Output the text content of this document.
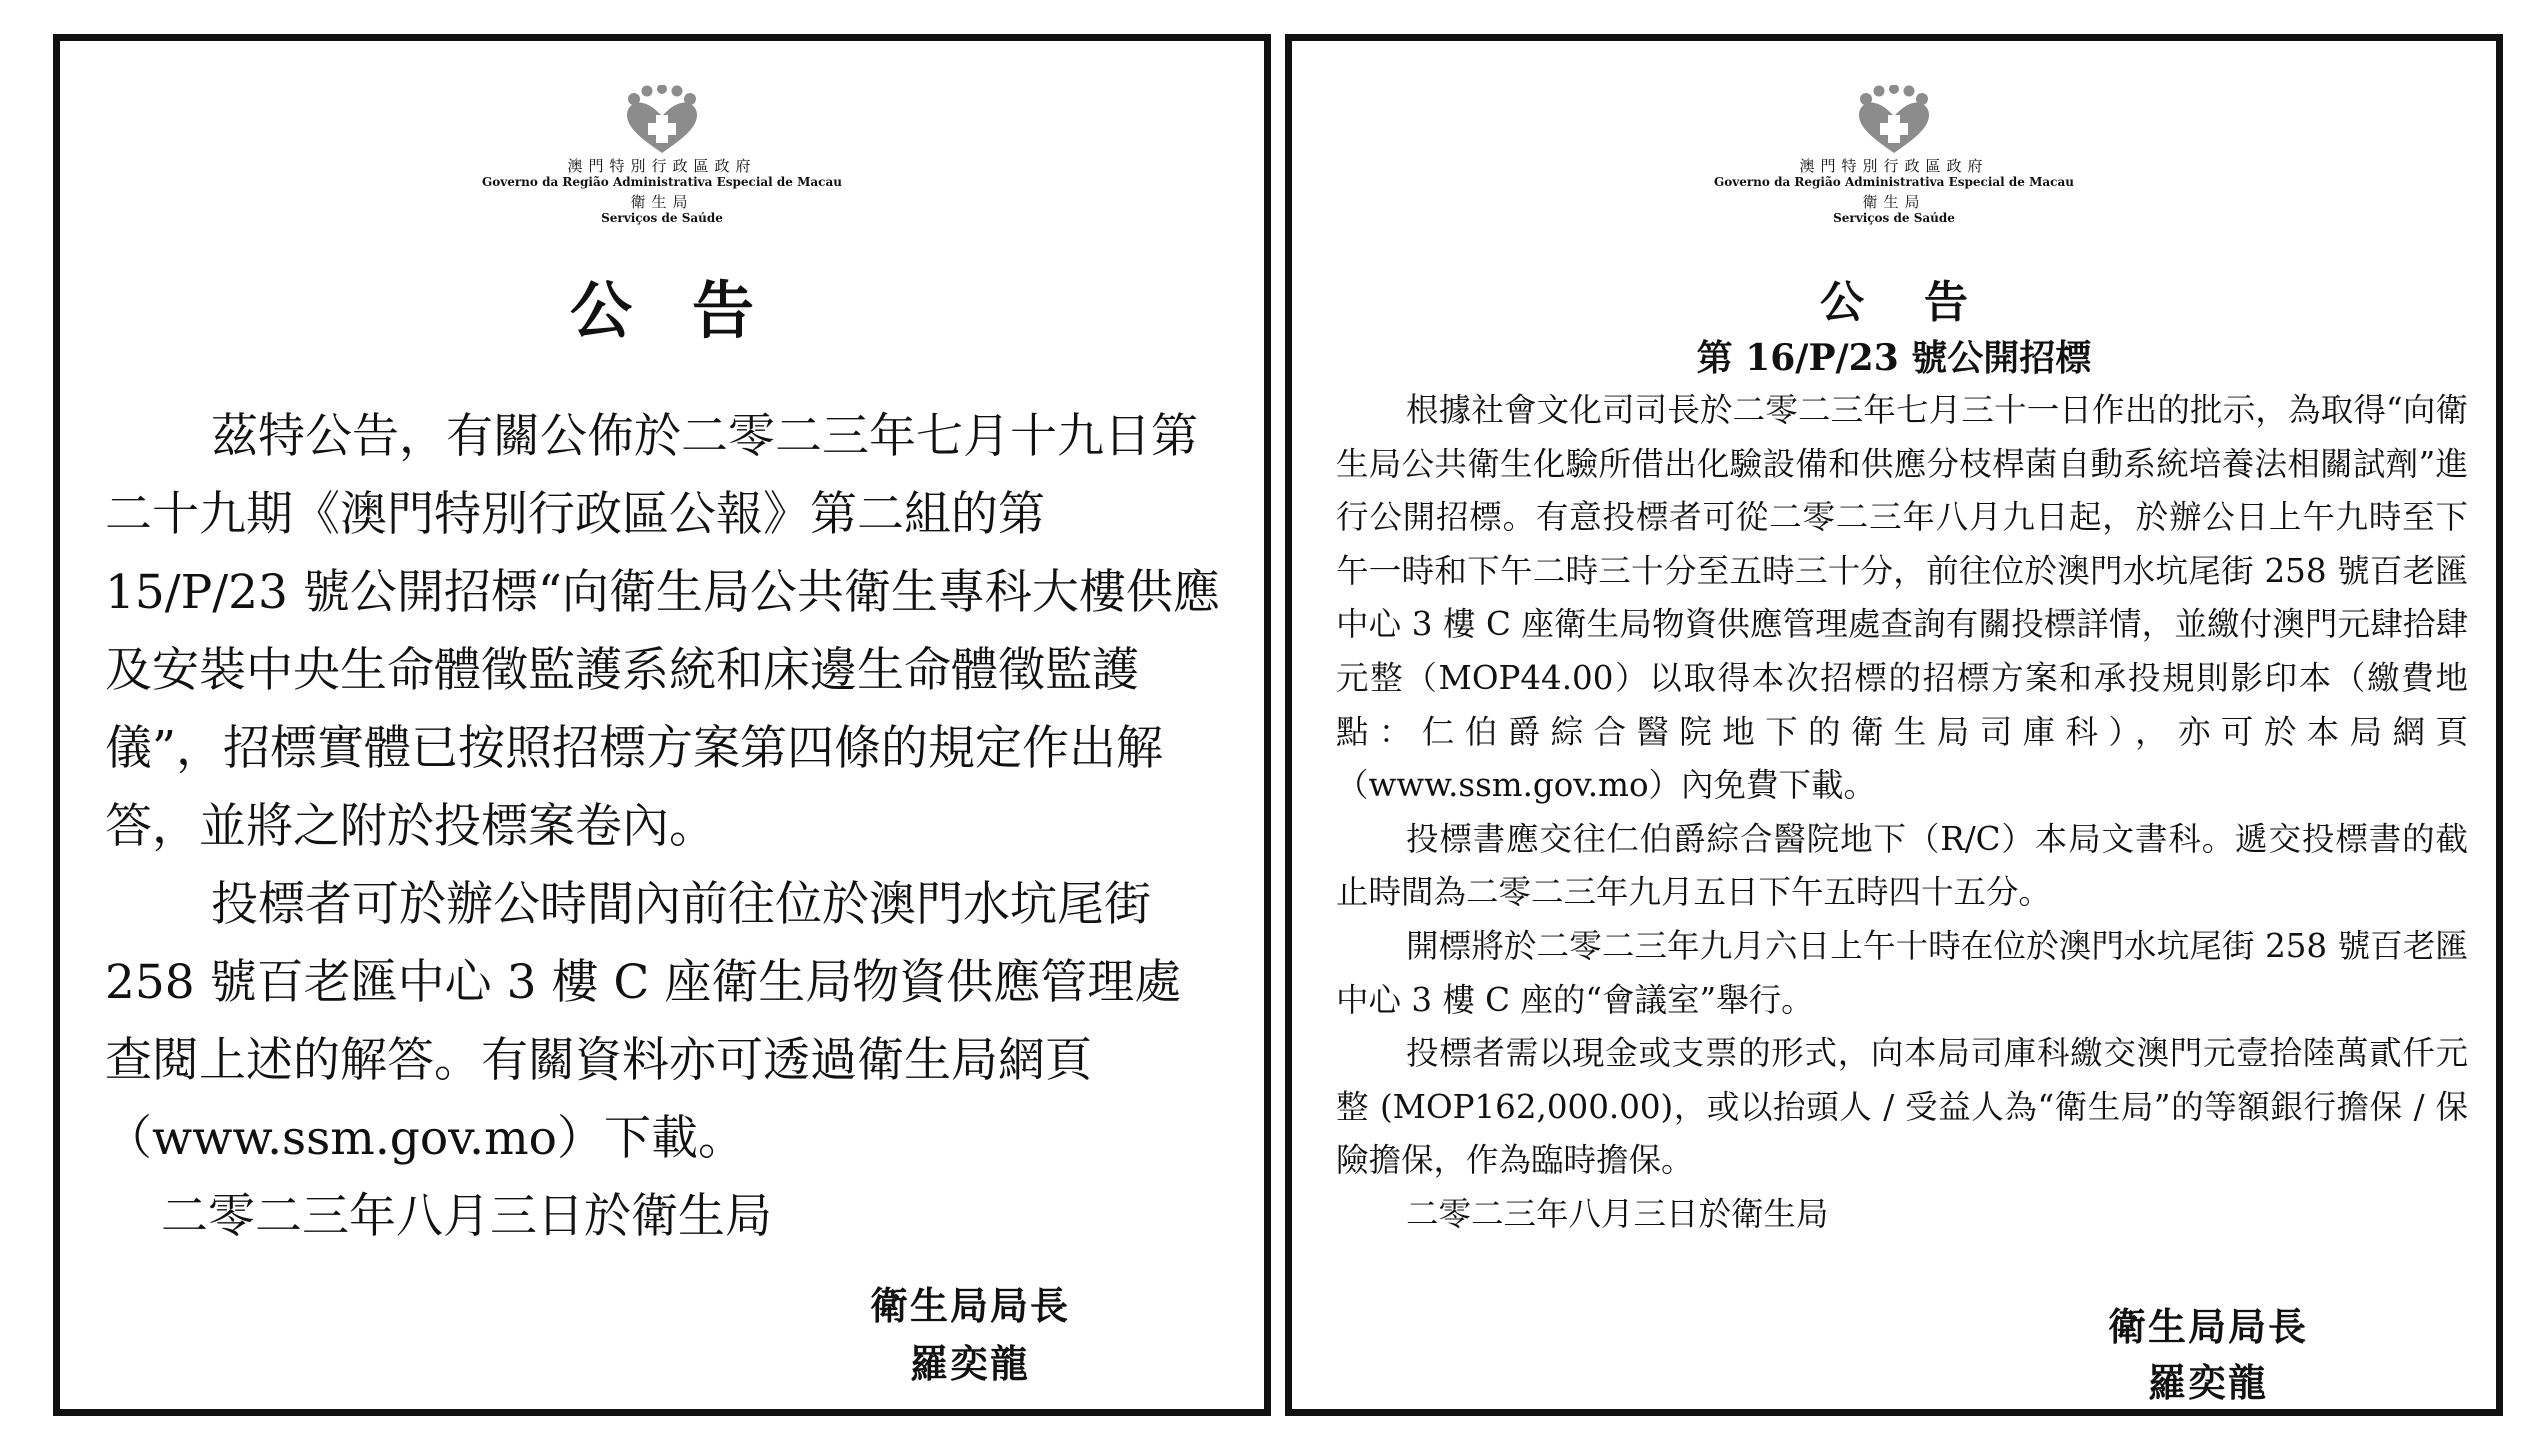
澳門特別行政區政府
Governo da Região Administrativa Especial de Macau
衛生局
Serviços de Saúde
公告

茲特公告，有關公佈於二零二三年七月十九日第二十九期《澳門特別行政區公報》第二組的第 15/P/23 號公開招標“向衛生局公共衛生專科大樓供應及安裝中央生命體徵監護系統和床邊生命體徵監護儀”，招標實體已按照招標方案第四條的規定作出解答，並將之附於投標案卷內。

投標者可於辦公時間內前往位於澳門水坑尾街 258 號百老匯中心 3 樓 C 座衛生局物資供應管理處查閱上述的解答。有關資料亦可透過衛生局網頁（www.ssm.gov.mo）下載。

二零二三年八月三日於衛生局

衛生局局長
羅奕龍
澳門特別行政區政府
Governo da Região Administrativa Especial de Macau
衛生局
Serviços de Saúde
公告
第 16/P/23 號公開招標

根據社會文化司司長於二零二三年七月三十一日作出的批示，為取得“向衛生局公共衛生化驗所借出化驗設備和供應分枝桿菌自動系統培養法相關試劑”進行公開招標。有意投標者可從二零二三年八月九日起，於辦公日上午九時至下午一時和下午二時三十分至五時三十分，前往位於澳門水坑尾街 258 號百老匯中心 3 樓 C 座衛生局物資供應管理處查詢有關投標詳情，並繳付澳門元肆拾肆元整（MOP44.00）以取得本次招標的招標方案和承投規則影印本（繳費地點：仁伯爵綜合醫院地下的衛生局司庫科），亦可於本局網頁（www.ssm.gov.mo）內免費下載。

投標書應交往仁伯爵綜合醫院地下（R/C）本局文書科。遞交投標書的截止時間為二零二三年九月五日下午五時四十五分。

開標將於二零二三年九月六日上午十時在位於澳門水坑尾街 258 號百老匯中心 3 樓 C 座的“會議室”舉行。

投標者需以現金或支票的形式，向本局司庫科繳交澳門元壹拾陸萬貳仟元整 (MOP162,000.00)，或以抬頭人 / 受益人為“衛生局”的等額銀行擔保 / 保險擔保，作為臨時擔保。

二零二三年八月三日於衛生局

衛生局局長
羅奕龍
